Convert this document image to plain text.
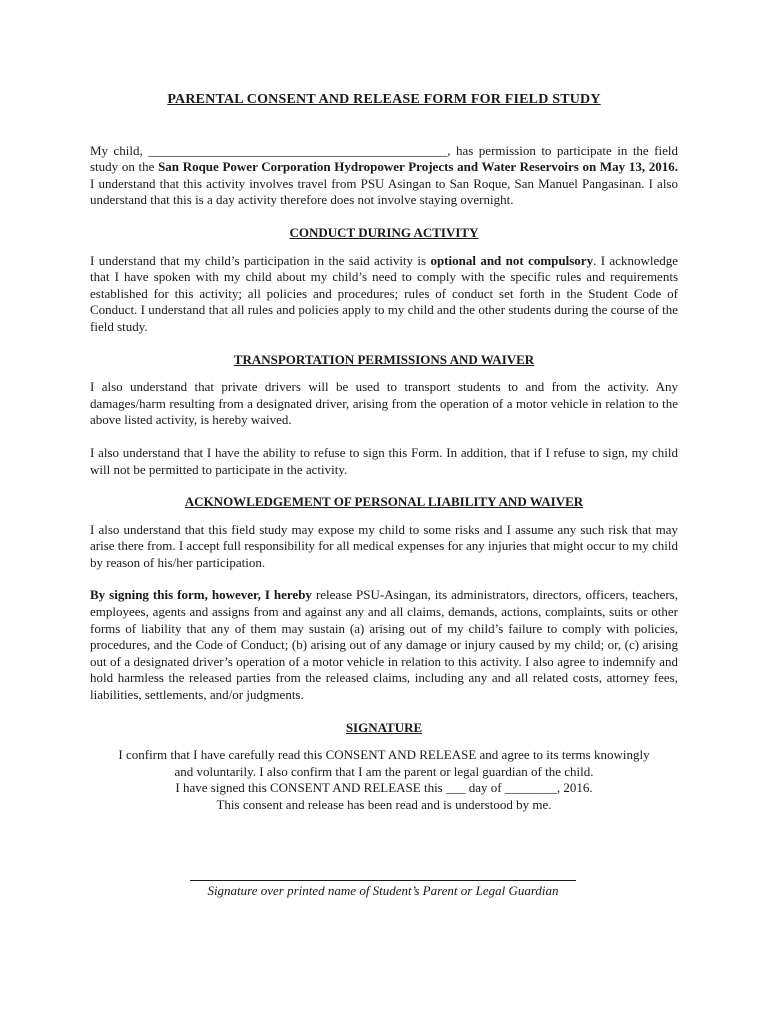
PARENTAL CONSENT AND RELEASE FORM FOR FIELD STUDY

My child, ______________________________________________, has permission to participate in the field study on the San Roque Power Corporation Hydropower Projects and Water Reservoirs on May 13, 2016. I understand that this activity involves travel from PSU Asingan to San Roque, San Manuel Pangasinan. I also understand that this is a day activity therefore does not involve staying overnight.

CONDUCT DURING ACTIVITY

I understand that my child’s participation in the said activity is optional and not compulsory. I acknowledge that I have spoken with my child about my child’s need to comply with the specific rules and requirements established for this activity; all policies and procedures; rules of conduct set forth in the Student Code of Conduct. I understand that all rules and policies apply to my child and the other students during the course of the field study.

TRANSPORTATION PERMISSIONS AND WAIVER

I also understand that private drivers will be used to transport students to and from the activity. Any damages/harm resulting from a designated driver, arising from the operation of a motor vehicle in relation to the above listed activity, is hereby waived.

I also understand that I have the ability to refuse to sign this Form. In addition, that if I refuse to sign, my child will not be permitted to participate in the activity.

ACKNOWLEDGEMENT OF PERSONAL LIABILITY AND WAIVER

I also understand that this field study may expose my child to some risks and I assume any such risk that may arise there from. I accept full responsibility for all medical expenses for any injuries that might occur to my child by reason of his/her participation.

By signing this form, however, I hereby release PSU-Asingan, its administrators, directors, officers, teachers, employees, agents and assigns from and against any and all claims, demands, actions, complaints, suits or other forms of liability that any of them may sustain (a) arising out of my child’s failure to comply with policies, procedures, and the Code of Conduct; (b) arising out of any damage or injury caused by my child; or, (c) arising out of a designated driver’s operation of a motor vehicle in relation to this activity. I also agree to indemnify and hold harmless the released parties from the released claims, including any and all related costs, attorney fees, liabilities, settlements, and/or judgments.

SIGNATURE
I confirm that I have carefully read this CONSENT AND RELEASE and agree to its terms knowingly
and voluntarily. I also confirm that I am the parent or legal guardian of the child.
I have signed this CONSENT AND RELEASE this ___ day of ________, 2016.
This consent and release has been read and is understood by me.
Signature over printed name of Student’s Parent or Legal Guardian
